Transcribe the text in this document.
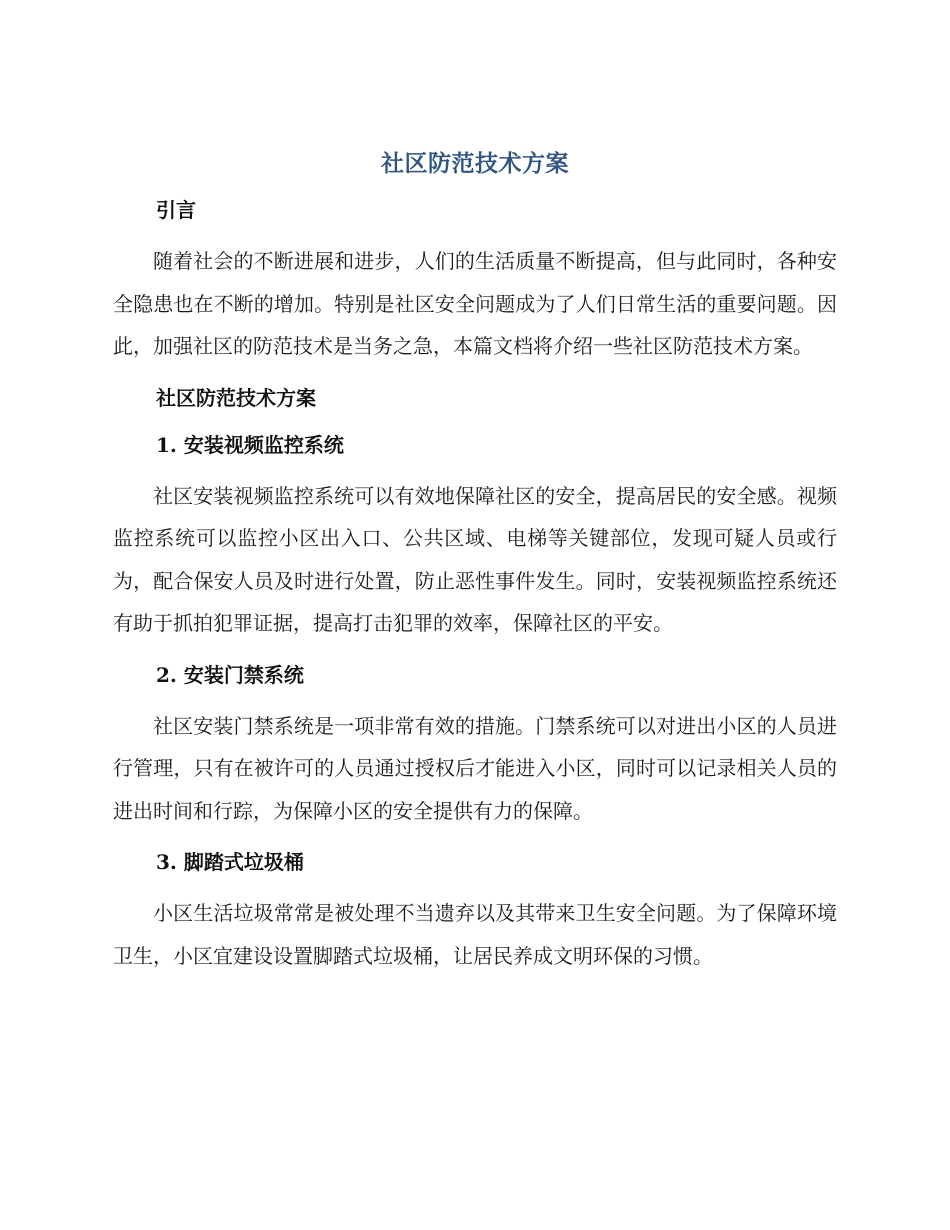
社区防范技术方案
引言

随着社会的不断进展和进步，人们的生活质量不断提高，但与此同时，各种安全隐患也在不断的增加。特别是社区安全问题成为了人们日常生活的重要问题。因此，加强社区的防范技术是当务之急，本篇文档将介绍一些社区防范技术方案。

社区防范技术方案
1. 安装视频监控系统

社区安装视频监控系统可以有效地保障社区的安全，提高居民的安全感。视频监控系统可以监控小区出入口、公共区域、电梯等关键部位，发现可疑人员或行为，配合保安人员及时进行处置，防止恶性事件发生。同时，安装视频监控系统还有助于抓拍犯罪证据，提高打击犯罪的效率，保障社区的平安。

2. 安装门禁系统

社区安装门禁系统是一项非常有效的措施。门禁系统可以对进出小区的人员进行管理，只有在被许可的人员通过授权后才能进入小区，同时可以记录相关人员的进出时间和行踪，为保障小区的安全提供有力的保障。

3. 脚踏式垃圾桶

小区生活垃圾常常是被处理不当遗弃以及其带来卫生安全问题。为了保障环境卫生，小区宜建设设置脚踏式垃圾桶，让居民养成文明环保的习惯。
